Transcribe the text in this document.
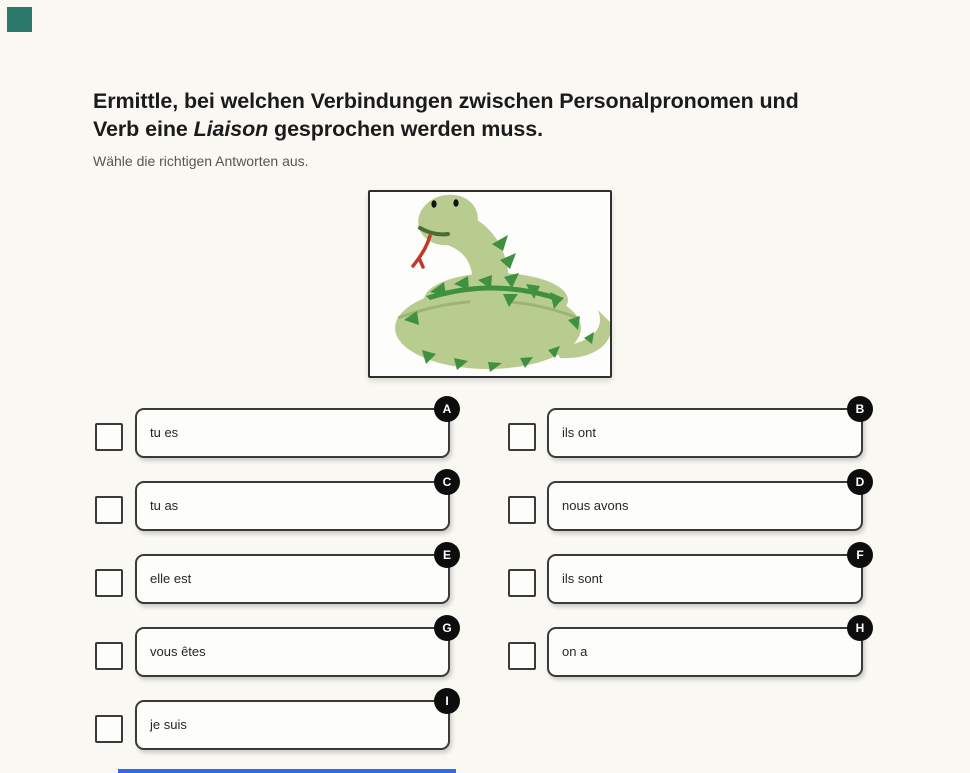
Ermittle, bei welchen Verbindungen zwischen Personalpronomen und
Verb eine Liaison gesprochen werden muss.

Wähle die richtigen Antworten aus.

tu es
A
ils ont
B
tu as
C
nous avons
D
elle est
E
ils sont
F
vous êtes
G
on a
H
je suis
I
